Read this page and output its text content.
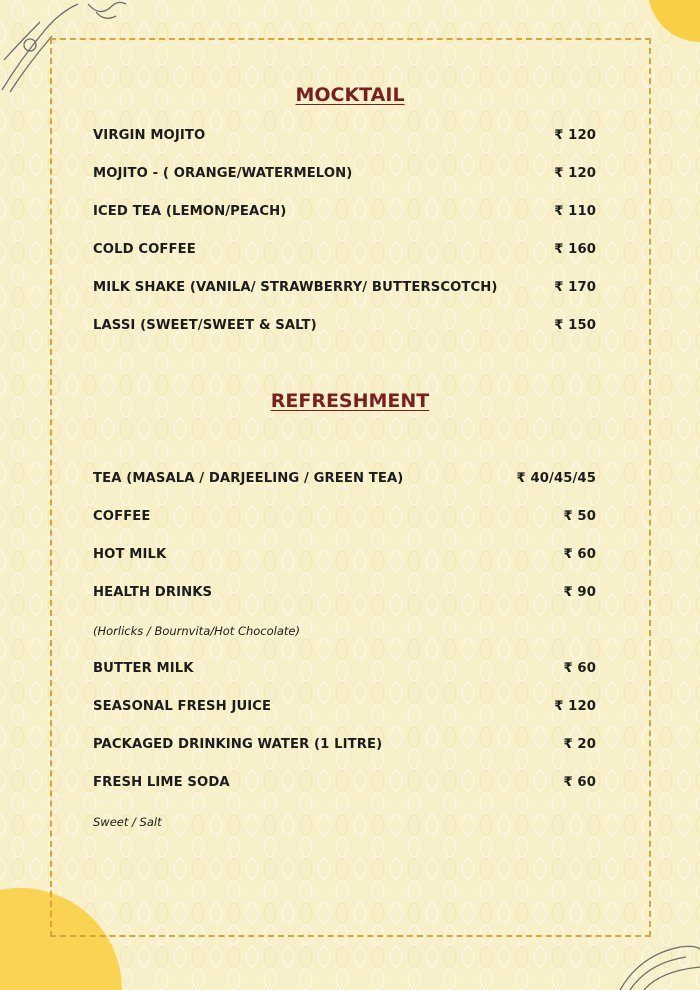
MOCKTAIL
VIRGIN MOJITO	₹ 120
MOJITO - ( ORANGE/WATERMELON)	₹ 120
ICED TEA (LEMON/PEACH)	₹ 110
COLD COFFEE	₹ 160
MILK SHAKE (VANILA/ STRAWBERRY/ BUTTERSCOTCH)	₹ 170
LASSI (SWEET/SWEET & SALT)	₹ 150
REFRESHMENT
TEA (MASALA / DARJEELING / GREEN TEA)	₹ 40/45/45
COFFEE	₹ 50
HOT MILK	₹ 60
HEALTH DRINKS	₹ 90
(Horlicks / Bournvita/Hot Chocolate)
BUTTER MILK	₹ 60
SEASONAL FRESH JUICE	₹ 120
PACKAGED DRINKING WATER (1 LITRE)	₹ 20
FRESH LIME SODA	₹ 60
Sweet / Salt
